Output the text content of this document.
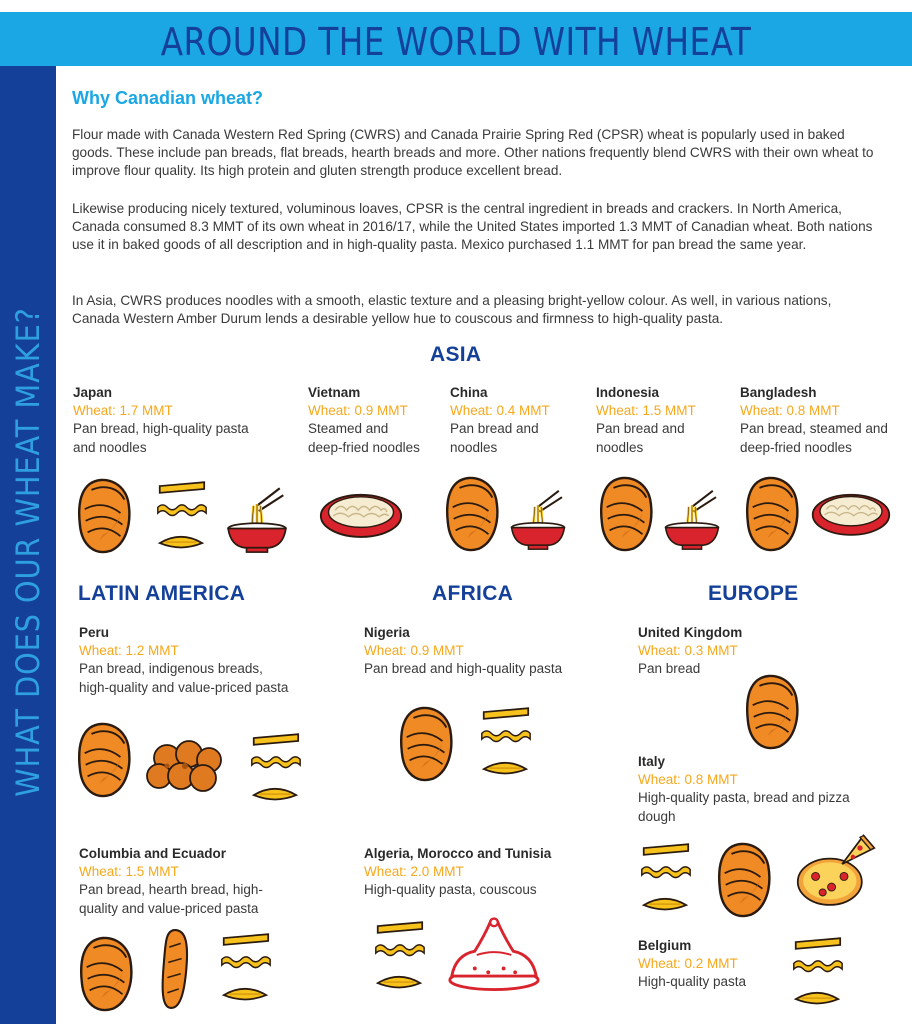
AROUND THE WORLD WITH WHEAT
WHAT DOES OUR WHEAT MAKE?
Why Canadian wheat?
Flour made with Canada Western Red Spring (CWRS) and Canada Prairie Spring Red (CPSR) wheat is popularly used in baked goods. These include pan breads, flat breads, hearth breads and more. Other nations frequently blend CWRS with their own wheat to improve flour quality. Its high protein and gluten strength produce excellent bread.
Likewise producing nicely textured, voluminous loaves, CPSR is the central ingredient in breads and crackers. In North America, Canada consumed 8.3 MMT of its own wheat in 2016/17, while the United States imported 1.3 MMT of Canadian wheat. Both nations use it in baked goods of all description and in high-quality pasta. Mexico purchased 1.1 MMT for pan bread the same year.
In Asia, CWRS produces noodles with a smooth, elastic texture and a pleasing bright-yellow colour. As well, in various nations, Canada Western Amber Durum lends a desirable yellow hue to couscous and firmness to high-quality pasta.
ASIA
LATIN AMERICA	AFRICA	EUROPE
Japan
Wheat: 1.7 MMT
Pan bread, high-quality pasta
and noodles
Vietnam
Wheat: 0.9 MMT
Steamed and
deep-fried noodles
China
Wheat: 0.4 MMT
Pan bread and
noodles
Indonesia
Wheat: 1.5 MMT
Pan bread and
noodles
Bangladesh
Wheat: 0.8 MMT
Pan bread, steamed and
deep-fried noodles
Peru
Wheat: 1.2 MMT
Pan bread, indigenous breads,
high-quality and value-priced pasta
Nigeria
Wheat: 0.9 MMT
Pan bread and high-quality pasta
United Kingdom
Wheat: 0.3 MMT
Pan bread
Italy
Wheat: 0.8 MMT
High-quality pasta, bread and pizza
dough
Columbia and Ecuador
Wheat: 1.5 MMT
Pan bread, hearth bread, high-
quality and value-priced pasta
Algeria, Morocco and Tunisia
Wheat: 2.0 MMT
High-quality pasta, couscous
Belgium
Wheat: 0.2 MMT
High-quality pasta
